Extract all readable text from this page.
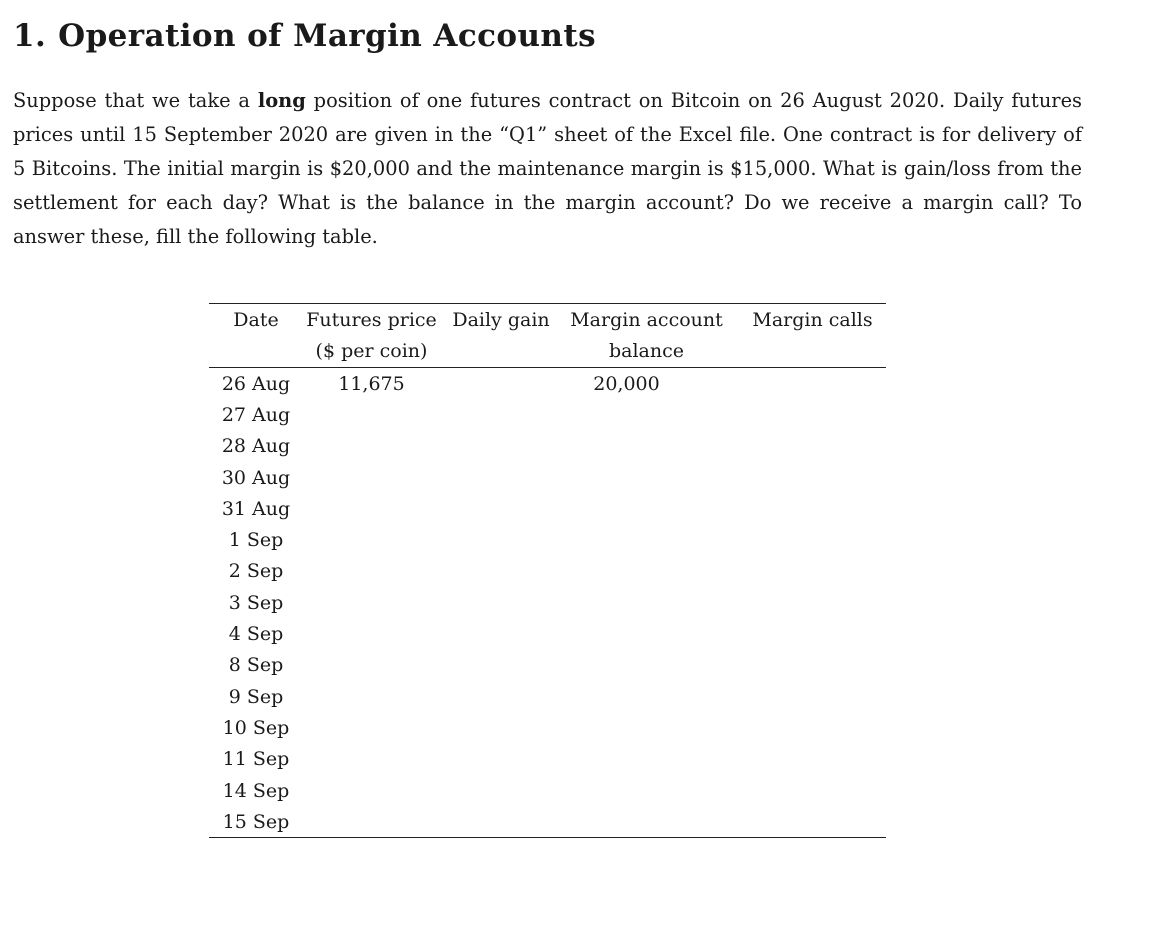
1. Operation of Margin Accounts

Suppose that we take a long position of one futures contract on Bitcoin on 26 August 2020. Daily futures prices until 15 September 2020 are given in the “Q1” sheet of the Excel file. One contract is for delivery of 5 Bitcoins. The initial margin is $20,000 and the maintenance margin is $15,000. What is gain/loss from the settlement for each day? What is the balance in the margin account? Do we receive a margin call? To answer these, fill the following table.

Date	Futures price	Daily gain	Margin account	Margin calls
	($ per coin)		balance	
26 Aug	11,675		20,000	
27 Aug				
28 Aug				
30 Aug				
31 Aug				
1 Sep				
2 Sep				
3 Sep				
4 Sep				
8 Sep				
9 Sep				
10 Sep				
11 Sep				
14 Sep				
15 Sep				
